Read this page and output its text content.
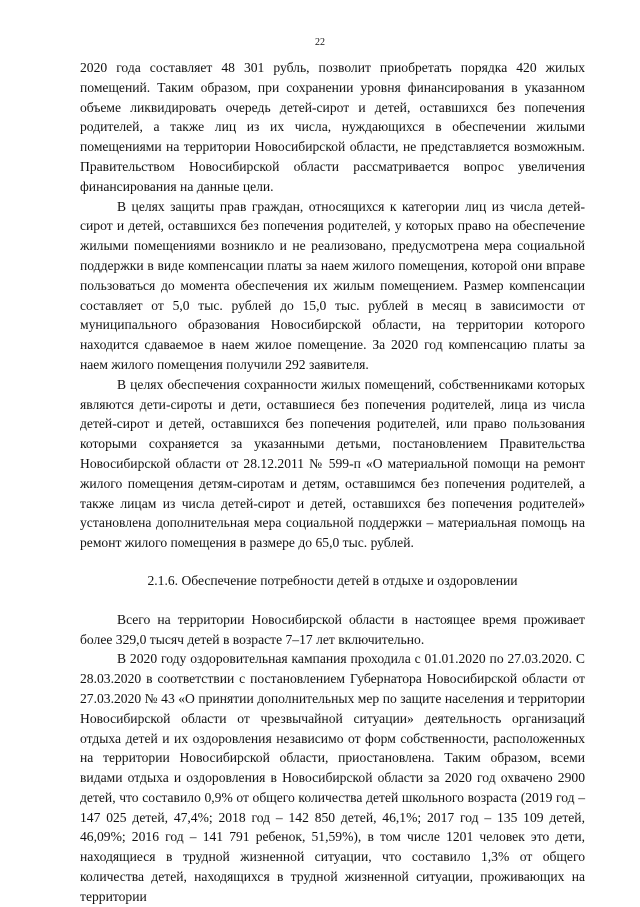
22

2020 года составляет 48 301 рубль, позволит приобретать порядка 420 жилых помещений. Таким образом, при сохранении уровня финансирования в указанном объеме ликвидировать очередь детей-сирот и детей, оставшихся без попечения родителей, а также лиц из их числа, нуждающихся в обеспечении жилыми помещениями на территории Новосибирской области, не представляется возможным. Правительством Новосибирской области рассматривается вопрос увеличения финансирования на данные цели.

В целях защиты прав граждан, относящихся к категории лиц из числа детей-сирот и детей, оставшихся без попечения родителей, у которых право на обеспечение жилыми помещениями возникло и не реализовано, предусмотрена мера социальной поддержки в виде компенсации платы за наем жилого помещения, которой они вправе пользоваться до момента обеспечения их жилым помещением. Размер компенсации составляет от 5,0 тыс. рублей до 15,0 тыс. рублей в месяц в зависимости от муниципального образования Новосибирской области, на территории которого находится сдаваемое в наем жилое помещение. За 2020 год компенсацию платы за наем жилого помещения получили 292 заявителя.

В целях обеспечения сохранности жилых помещений, собственниками которых являются дети-сироты и дети, оставшиеся без попечения родителей, лица из числа детей-сирот и детей, оставшихся без попечения родителей, или право пользования которыми сохраняется за указанными детьми, постановлением Правительства Новосибирской области от 28.12.2011 № 599-п «О материальной помощи на ремонт жилого помещения детям-сиротам и детям, оставшимся без попечения родителей, а также лицам из числа детей-сирот и детей, оставшихся без попечения родителей» установлена дополнительная мера социальной поддержки – материальная помощь на ремонт жилого помещения в размере до 65,0 тыс. рублей.

2.1.6. Обеспечение потребности детей в отдыхе и оздоровлении

Всего на территории Новосибирской области в настоящее время проживает более 329,0 тысяч детей в возрасте 7–17 лет включительно.

В 2020 году оздоровительная кампания проходила с 01.01.2020 по 27.03.2020. С 28.03.2020 в соответствии с постановлением Губернатора Новосибирской области от 27.03.2020 № 43 «О принятии дополнительных мер по защите населения и территории Новосибирской области от чрезвычайной ситуации» деятельность организаций отдыха детей и их оздоровления независимо от форм собственности, расположенных на территории Новосибирской области, приостановлена. Таким образом, всеми видами отдыха и оздоровления в Новосибирской области за 2020 год охвачено 2900 детей, что составило 0,9% от общего количества детей школьного возраста (2019 год – 147 025 детей, 47,4%; 2018 год – 142 850 детей, 46,1%; 2017 год – 135 109 детей, 46,09%; 2016 год – 141 791 ребенок, 51,59%), в том числе 1201 человек это дети, находящиеся в трудной жизненной ситуации, что составило 1,3% от общего количества детей, находящихся в трудной жизненной ситуации, проживающих на территории
